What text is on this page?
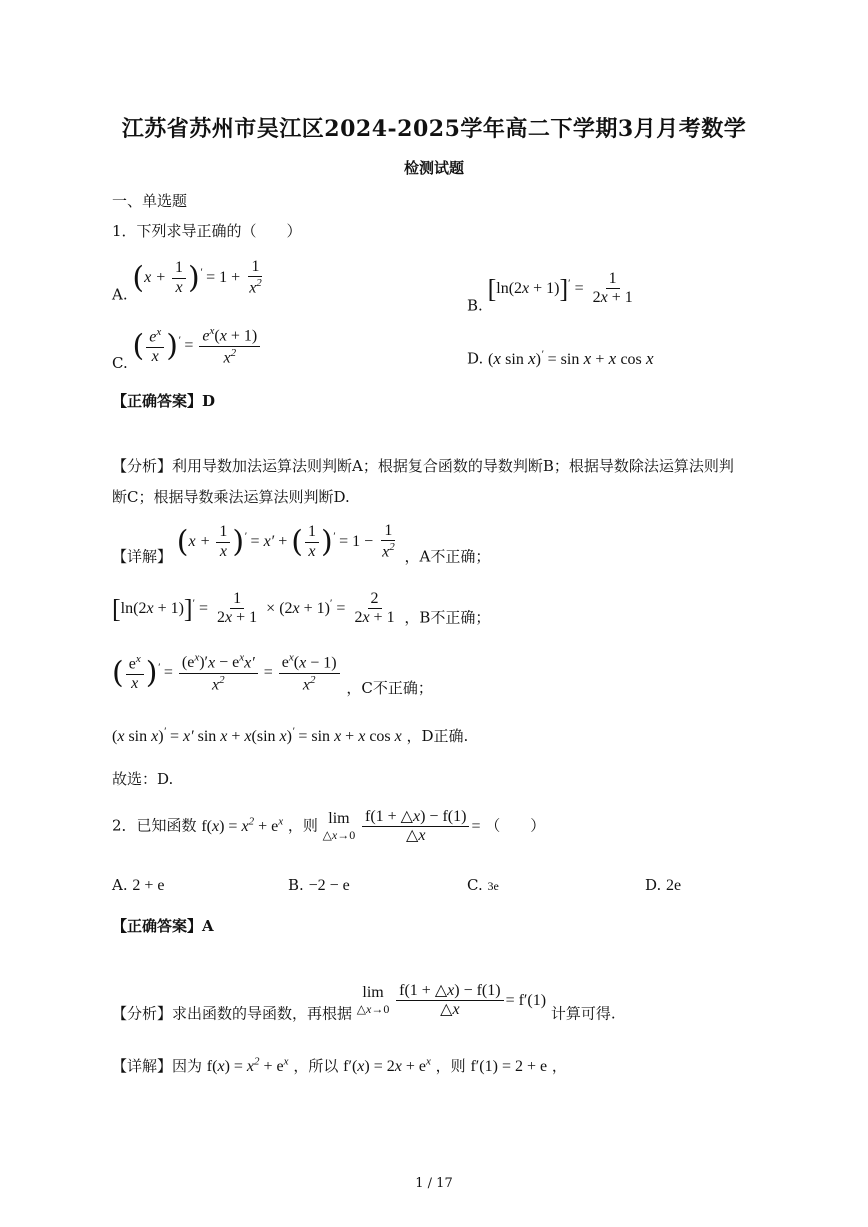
江苏省苏州市吴江区2024-2025学年高二下学期3月月考数学
检测试题
一、单选题
1．下列求导正确的（　　）
A. $(x + \frac{1}{x} )' = 1 + \frac{1}{x^2}$
B. $[\ln(2x + 1)]' = \frac{1}{2x + 1}$
C. ( $\frac{e^x}{x} )' = \frac{e^x(x + 1)}{x^2}$	D. (x sin x)′ = sin x + x cos x
【正确答案】D
【分析】利用导数加法运算法则判断A；根据复合函数的导数判断B；根据导数除法运算法则判
断C；根据导数乘法运算法则判断D.
【详解】 $(x + \frac{1}{x} )' = x'$ + ( $\frac{1}{x} )' = 1 - \frac{1}{x^2}$ ，A不正确；
$[\ln(2x + 1)]' = \frac{1}{2x + 1} \times (2x + 1)' = \frac{2}{2x + 1}$ ，B不正确；
( $\frac{e^x}{x} )' = \frac{(e^x)'x - e^xx'}{x^2} = \frac{e^x(x - 1)}{x^2}$ ，C不正确；
(x sin x)′ = x′ sin x + x(sin x)′ = sin x + x cos x ，D正确.
故选：D.
2．已知函数 $f(x) = x^2 + e^x$ ，则 lim
△x→0
$\frac{f(1 + \triangle x) - f(1)}{\triangle x}$ = （　　）
A. 2 + e	B. −2 − e	C. 3e	D. 2e
【正确答案】A
【分析】求出函数的导函数，再根据
lim
△x→0
$\frac{f(1 + \triangle x) - f(1)}{\triangle x} = f'(1)$ 计算可得.
【详解】因为 $f(x) = x^2 + e^x$ ，所以 $f'(x) = 2x + e^x$ ，则 f′(1) = 2 + e ，
1 / 17
